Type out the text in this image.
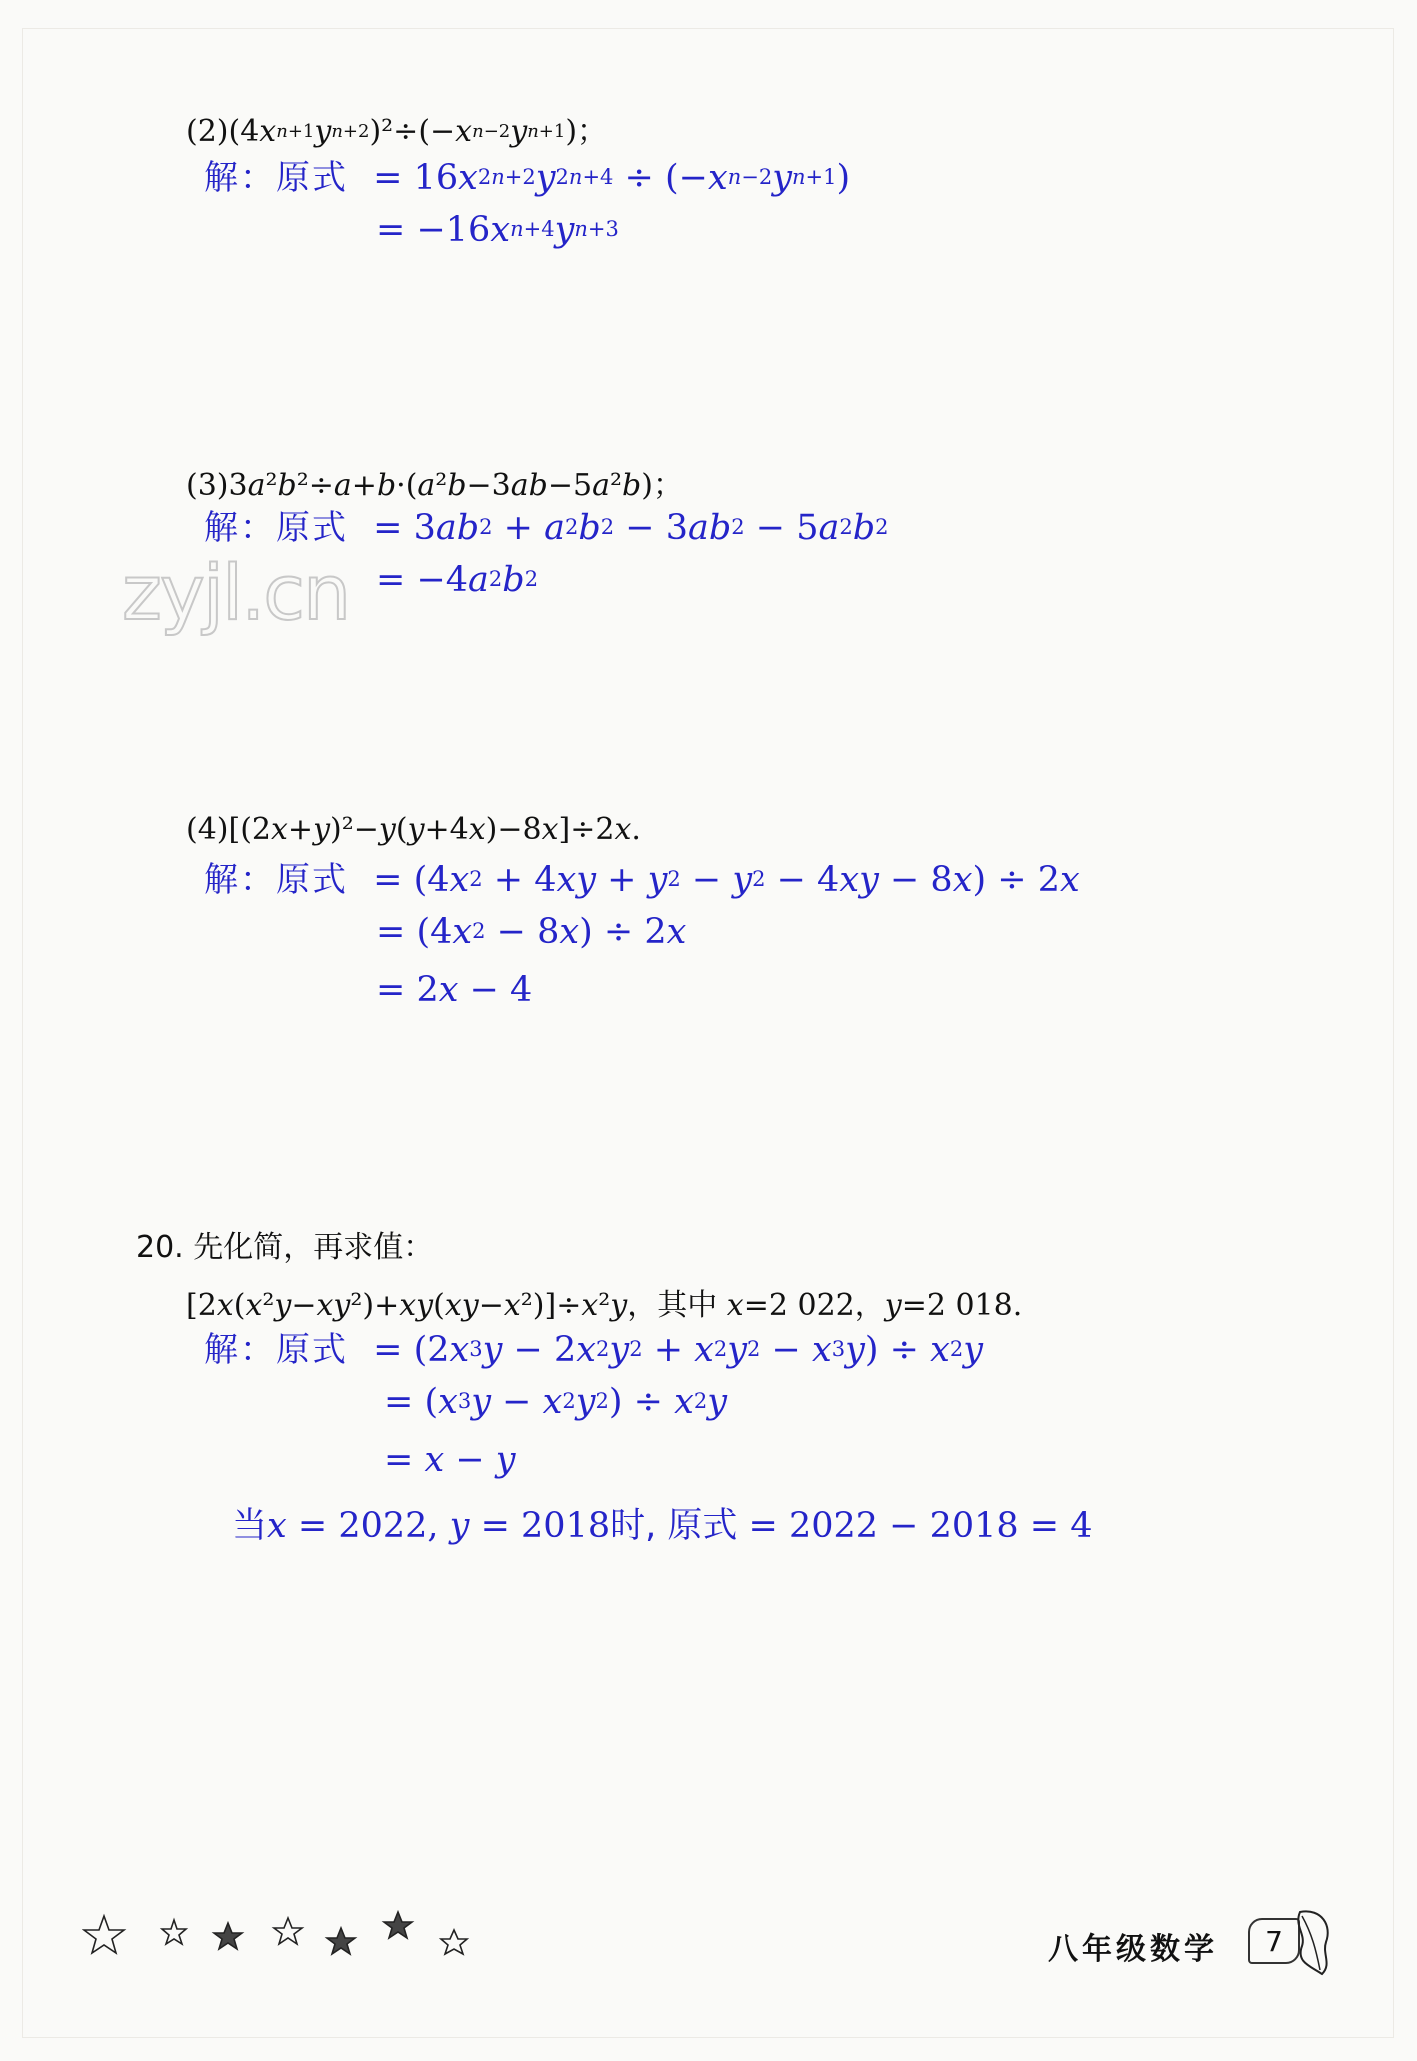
$(2)(4x^{n+1}y^{n+2})^2\div(-x^{n-2}y^{n+1})$；
解：原式 = $16x^{2n+2}y^{2n+4} \div (-x^{n-2}y^{n+1})$
= $-16x^{n+4}y^{n+3}$
(3)3a²b²÷a+b·(a²b−3ab−5a²b)；
解：原式 = $3ab^2 + a^2b^2 - 3ab^2 - 5a^2b^2$
zyjl.cn = $-4a^2b^2$
(4)[(2x+y)²−y(y+4x)−8x]÷2x.
解：原式 = $(4x^2 + 4xy + y^2 - y^2 - 4xy - 8x) \div 2x$
= $(4x^2 - 8x) \div 2x$
= 2x − 4
20. 先化简，再求值：
[2x(x²y−xy²)+xy(xy−x²)]÷x²y，其中 x=2 022，y=2 018.
解：原式 = $(2x^3y - 2x^2y^2 + x^2y^2 - x^3y) \div x^2y$
= $(x^3y - x^2y^2) \div x^2y$
= x − y
当x = 2022, y = 2018时, 原式 = 2022 − 2018 = 4
八年级数学	7
